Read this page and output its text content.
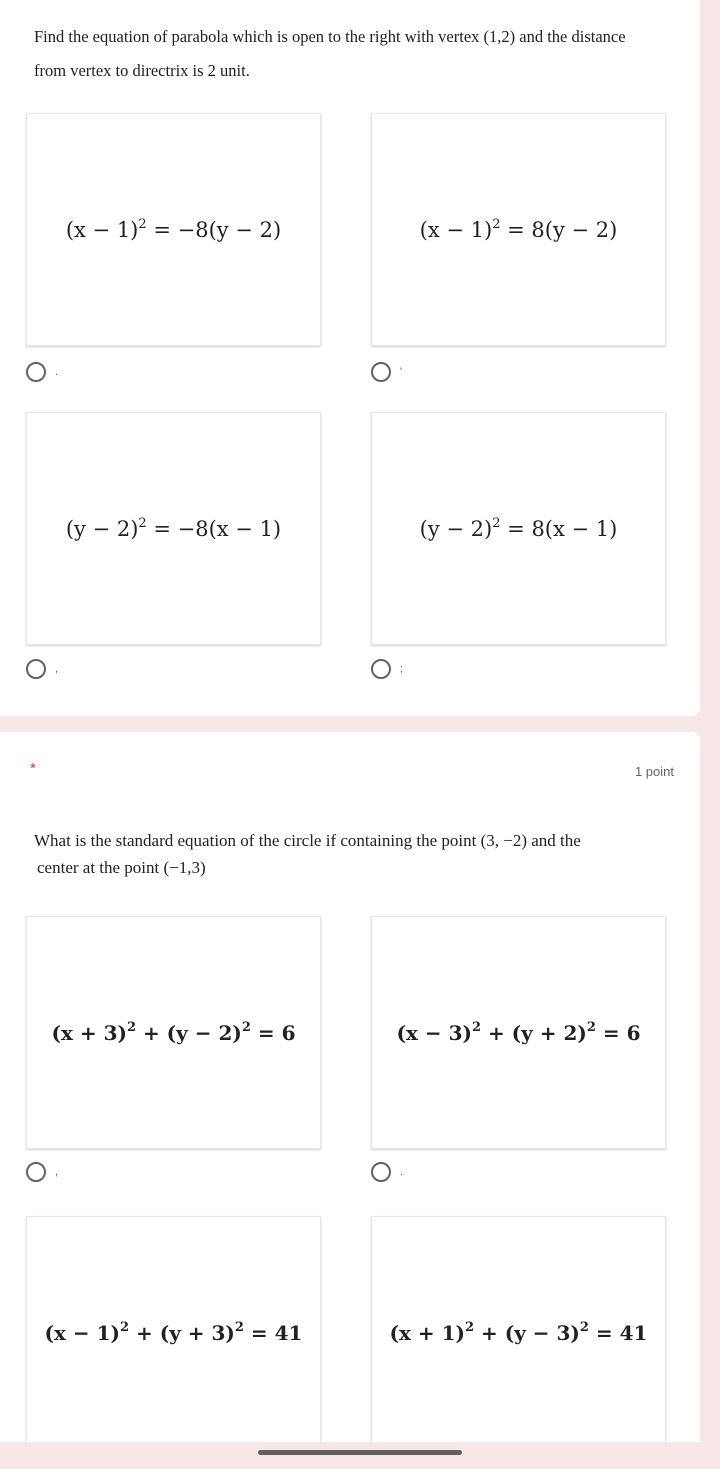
Find the equation of parabola which is open to the right with vertex (1,2) and the distance
from vertex to directrix is 2 unit.
$(x - 1)^2 = -8(y - 2)$
.
$(x - 1)^2 = 8(y - 2)$
'
$(y - 2)^2 = -8(x - 1)$
,
$(y - 2)^2 = 8(x - 1)$
;
*	1 point
What is the standard equation of the circle if containing the point (3, −2) and the
center at the point (−1,3)
$(x + 3)^2 + (y - 2)^2 = 6$
,
$(x - 3)^2 + (y + 2)^2 = 6$
.
$(x - 1)^2 + (y + 3)^2 = 41$	$(x + 1)^2 + (y - 3)^2 = 41$
